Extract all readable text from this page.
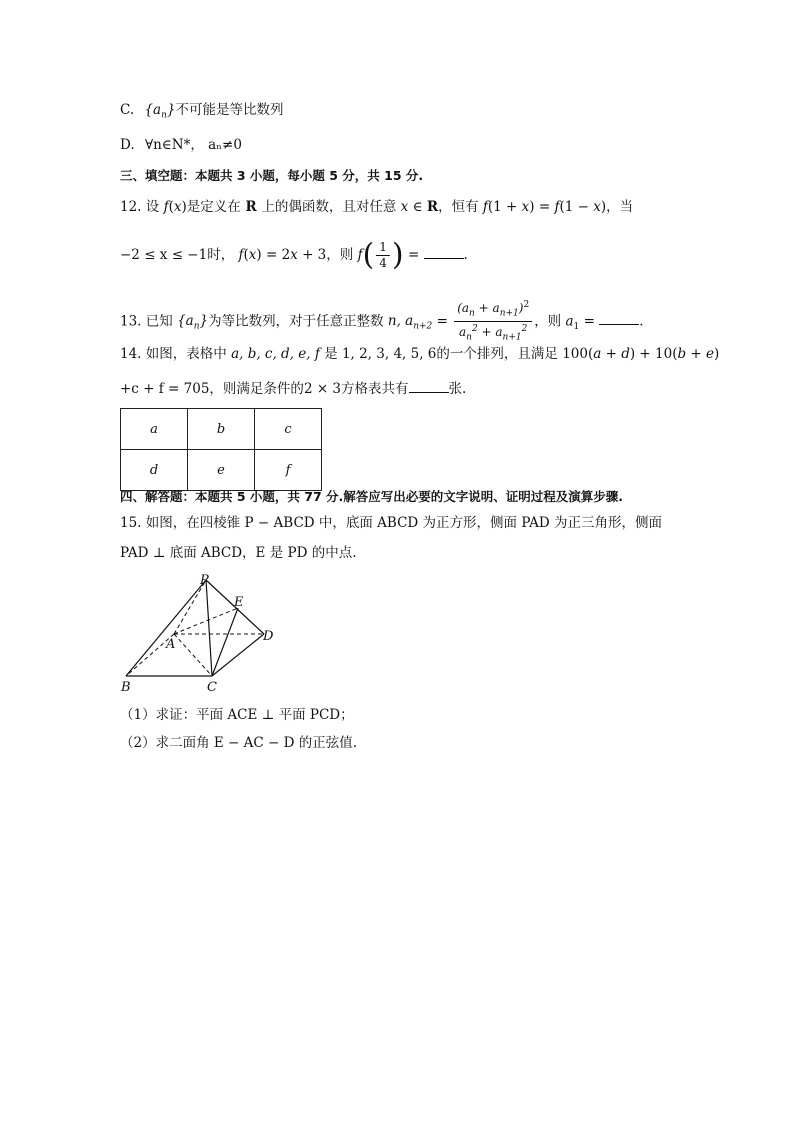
C. $\{a_n\}$不可能是等比数列
D. ∀n∈N*， aₙ≠0
三、填空题：本题共 3 小题，每小题 5 分，共 15 分.
12. 设 f(x)是定义在 R 上的偶函数，且对任意 x ∈ R，恒有 f(1 + x) = f(1 − x)，当
−2 ≤ x ≤ −1时， f(x) = 2x + 3，则 $f( \frac{1}{4}$ ) =	.
13. 已知 $\{a_n\}$为等比数列，对于任意正整数 n, $a_{n+2} = \frac{(a_n + a_{n+1})^2}{a_n^2 + a_{n+1}^2}$ ，则 $a_1$ =	.
14. 如图，表格中 a, b, c, d, e, f 是 1, 2, 3, 4, 5, 6的一个排列，且满足 100(a + d) + 10(b + e)
+c + f = 705，则满足条件的2 × 3方格表共有	张.
a	b	c
d	e	f
四、解答题：本题共 5 小题，共 77 分.解答应写出必要的文字说明、证明过程及演算步骤.
15. 如图，在四棱锥 P − ABCD 中，底面 ABCD 为正方形，侧面 PAD 为正三角形，侧面
PAD ⊥ 底面 ABCD，E 是 PD 的中点.
P
E
D
A
B	C
（1）求证：平面 ACE ⊥ 平面 PCD；
（2）求二面角 E − AC − D 的正弦值.
